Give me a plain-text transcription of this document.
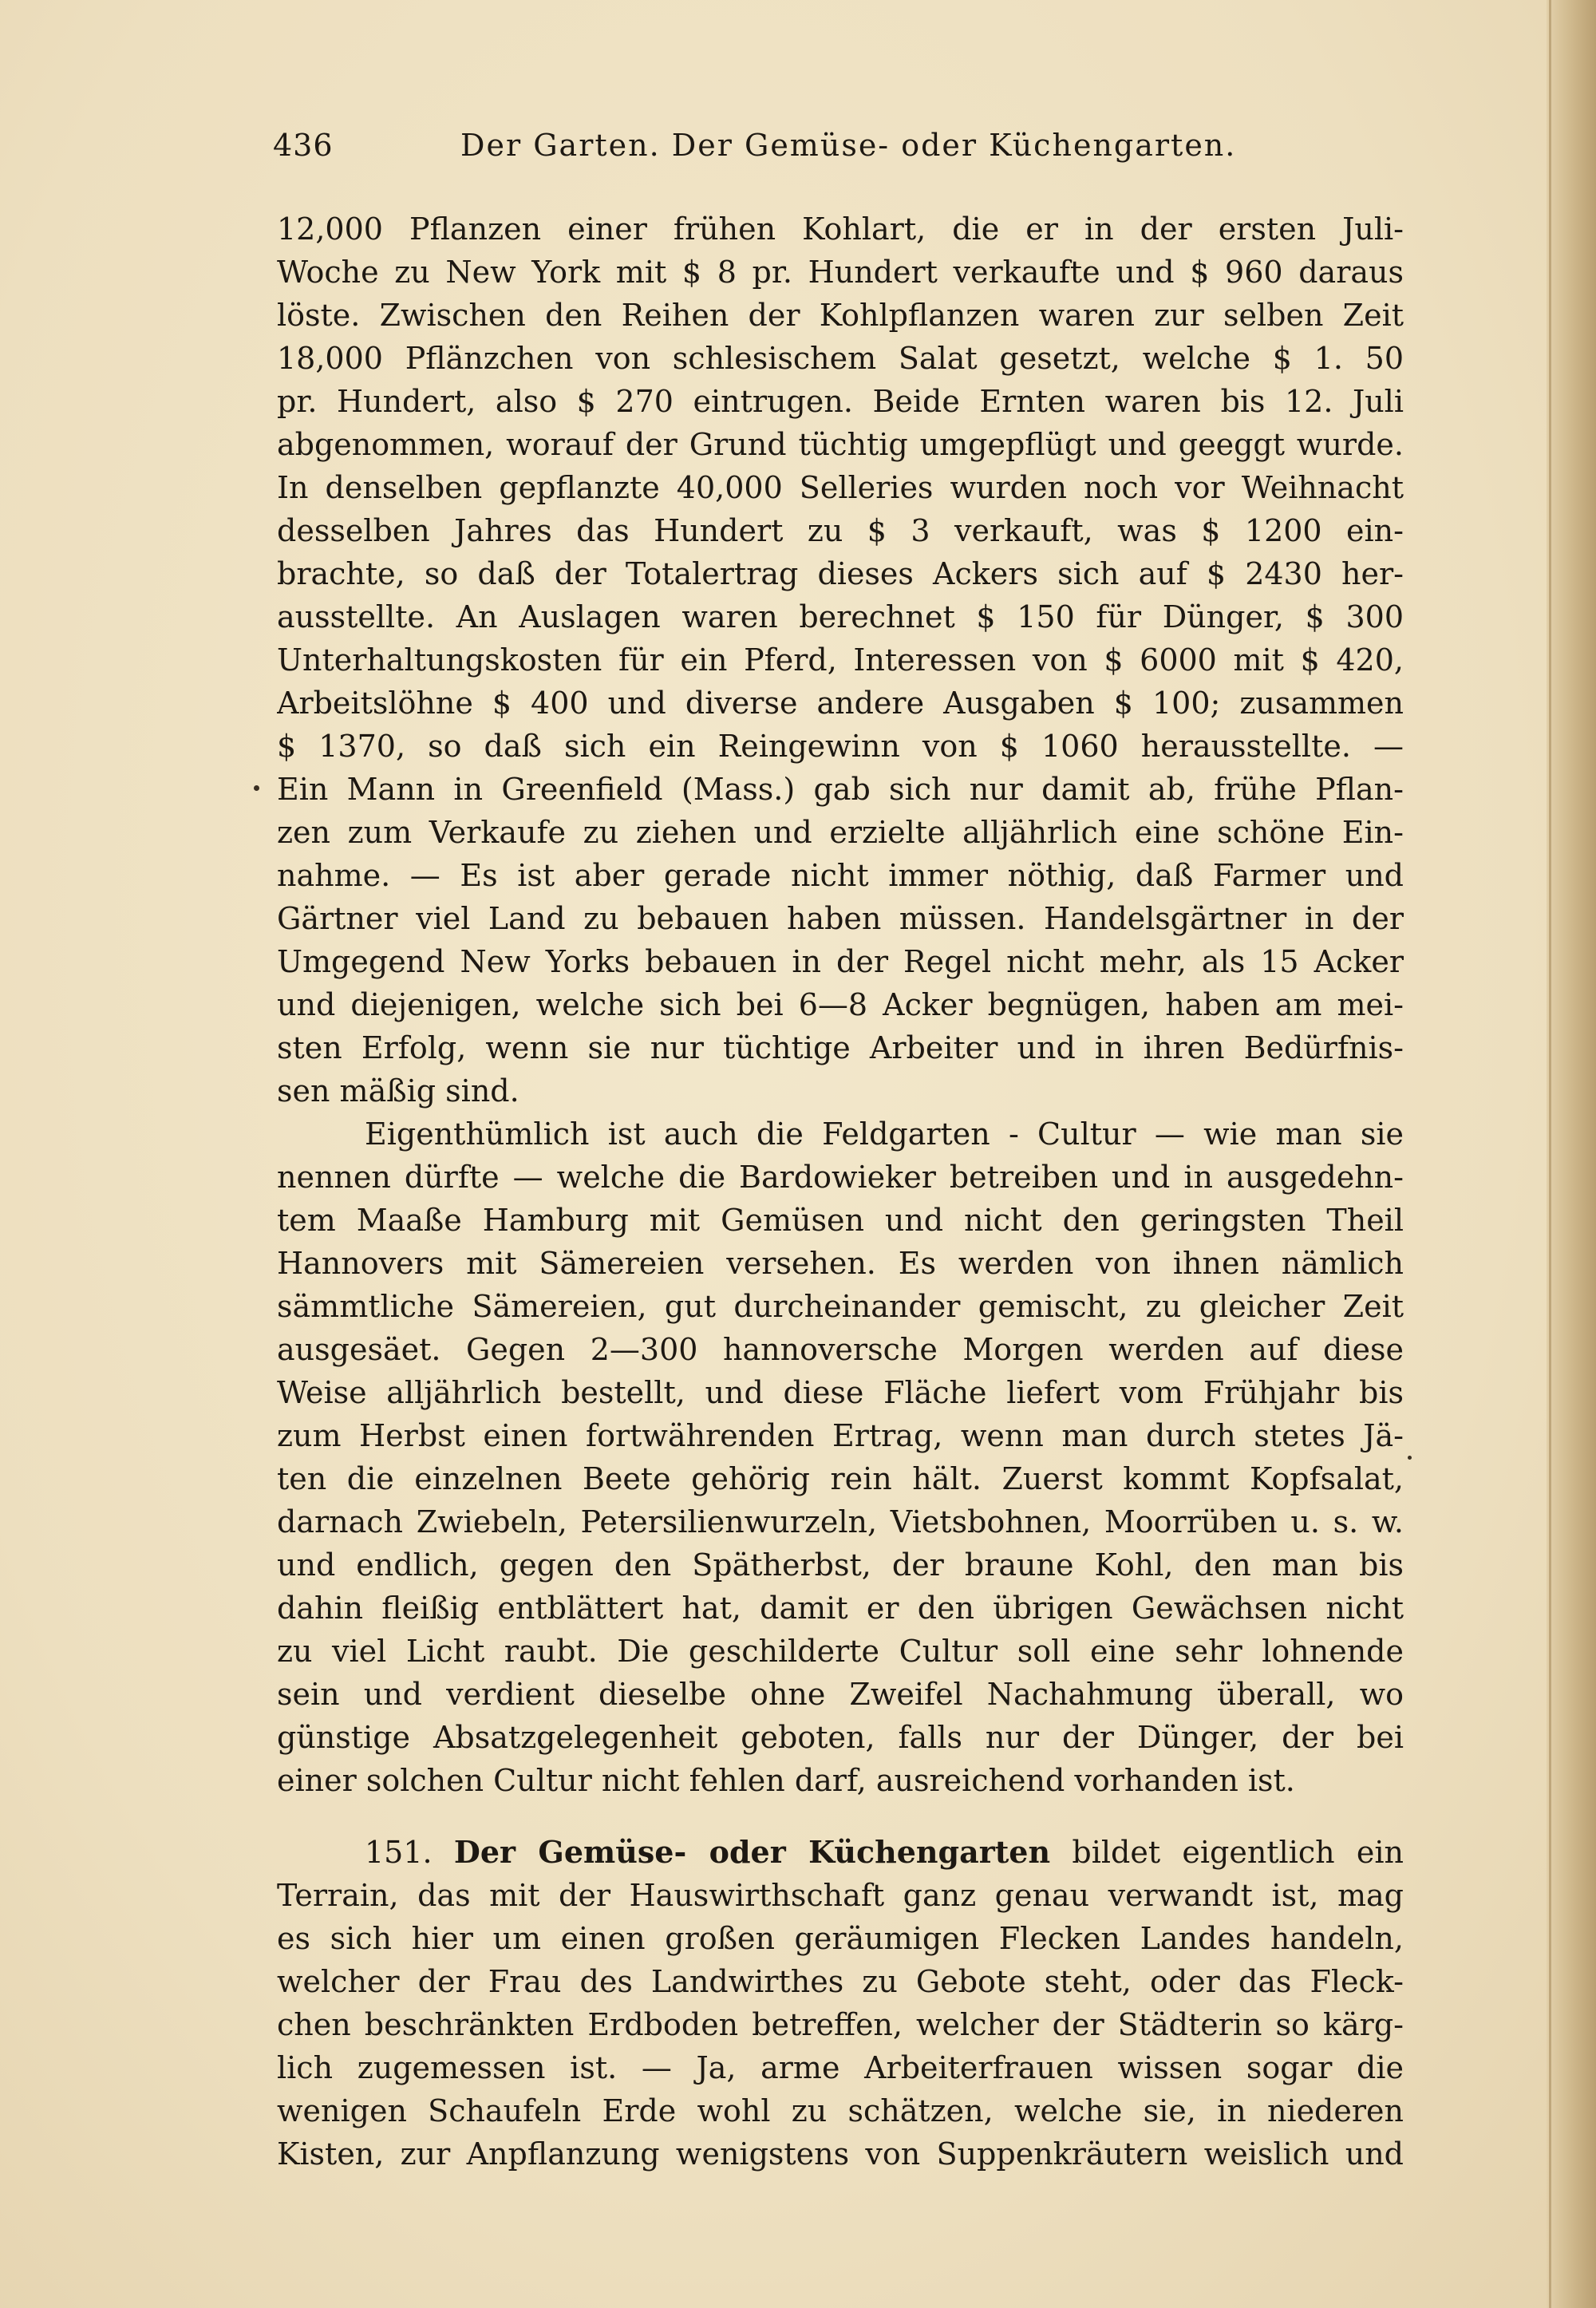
436	Der Garten. Der Gemüse- oder Küchengarten.
12,000 Pflanzen einer frühen Kohlart, die er in der ersten Juli-
Woche zu New York mit $ 8 pr. Hundert verkaufte und $ 960 daraus
löste. Zwischen den Reihen der Kohlpflanzen waren zur selben Zeit
18,000 Pflänzchen von schlesischem Salat gesetzt, welche $ 1. 50
pr. Hundert, also $ 270 eintrugen. Beide Ernten waren bis 12. Juli
abgenommen, worauf der Grund tüchtig umgepflügt und geeggt wurde.
In denselben gepflanzte 40,000 Selleries wurden noch vor Weihnacht
desselben Jahres das Hundert zu $ 3 verkauft, was $ 1200 ein-
brachte, so daß der Totalertrag dieses Ackers sich auf $ 2430 her-
ausstellte. An Auslagen waren berechnet $ 150 für Dünger, $ 300
Unterhaltungskosten für ein Pferd, Interessen von $ 6000 mit $ 420,
Arbeitslöhne $ 400 und diverse andere Ausgaben $ 100; zusammen
$ 1370, so daß sich ein Reingewinn von $ 1060 herausstellte. —
Ein Mann in Greenfield (Mass.) gab sich nur damit ab, frühe Pflan-
zen zum Verkaufe zu ziehen und erzielte alljährlich eine schöne Ein-
nahme. — Es ist aber gerade nicht immer nöthig, daß Farmer und
Gärtner viel Land zu bebauen haben müssen. Handelsgärtner in der
Umgegend New Yorks bebauen in der Regel nicht mehr, als 15 Acker
und diejenigen, welche sich bei 6—8 Acker begnügen, haben am mei-
sten Erfolg, wenn sie nur tüchtige Arbeiter und in ihren Bedürfnis-
sen mäßig sind.
Eigenthümlich ist auch die Feldgarten - Cultur — wie man sie
nennen dürfte — welche die Bardowieker betreiben und in ausgedehn-
tem Maaße Hamburg mit Gemüsen und nicht den geringsten Theil
Hannovers mit Sämereien versehen. Es werden von ihnen nämlich
sämmtliche Sämereien, gut durcheinander gemischt, zu gleicher Zeit
ausgesäet. Gegen 2—300 hannoversche Morgen werden auf diese
Weise alljährlich bestellt, und diese Fläche liefert vom Frühjahr bis
zum Herbst einen fortwährenden Ertrag, wenn man durch stetes Jä-
ten die einzelnen Beete gehörig rein hält. Zuerst kommt Kopfsalat,
darnach Zwiebeln, Petersilienwurzeln, Vietsbohnen, Moorrüben u. s. w.
und endlich, gegen den Spätherbst, der braune Kohl, den man bis
dahin fleißig entblättert hat, damit er den übrigen Gewächsen nicht
zu viel Licht raubt. Die geschilderte Cultur soll eine sehr lohnende
sein und verdient dieselbe ohne Zweifel Nachahmung überall, wo
günstige Absatzgelegenheit geboten, falls nur der Dünger, der bei
einer solchen Cultur nicht fehlen darf, ausreichend vorhanden ist.
151. Der Gemüse- oder Küchengarten bildet eigentlich ein
Terrain, das mit der Hauswirthschaft ganz genau verwandt ist, mag
es sich hier um einen großen geräumigen Flecken Landes handeln,
welcher der Frau des Landwirthes zu Gebote steht, oder das Fleck-
chen beschränkten Erdboden betreffen, welcher der Städterin so kärg-
lich zugemessen ist. — Ja, arme Arbeiterfrauen wissen sogar die
wenigen Schaufeln Erde wohl zu schätzen, welche sie, in niederen
Kisten, zur Anpflanzung wenigstens von Suppenkräutern weislich und
